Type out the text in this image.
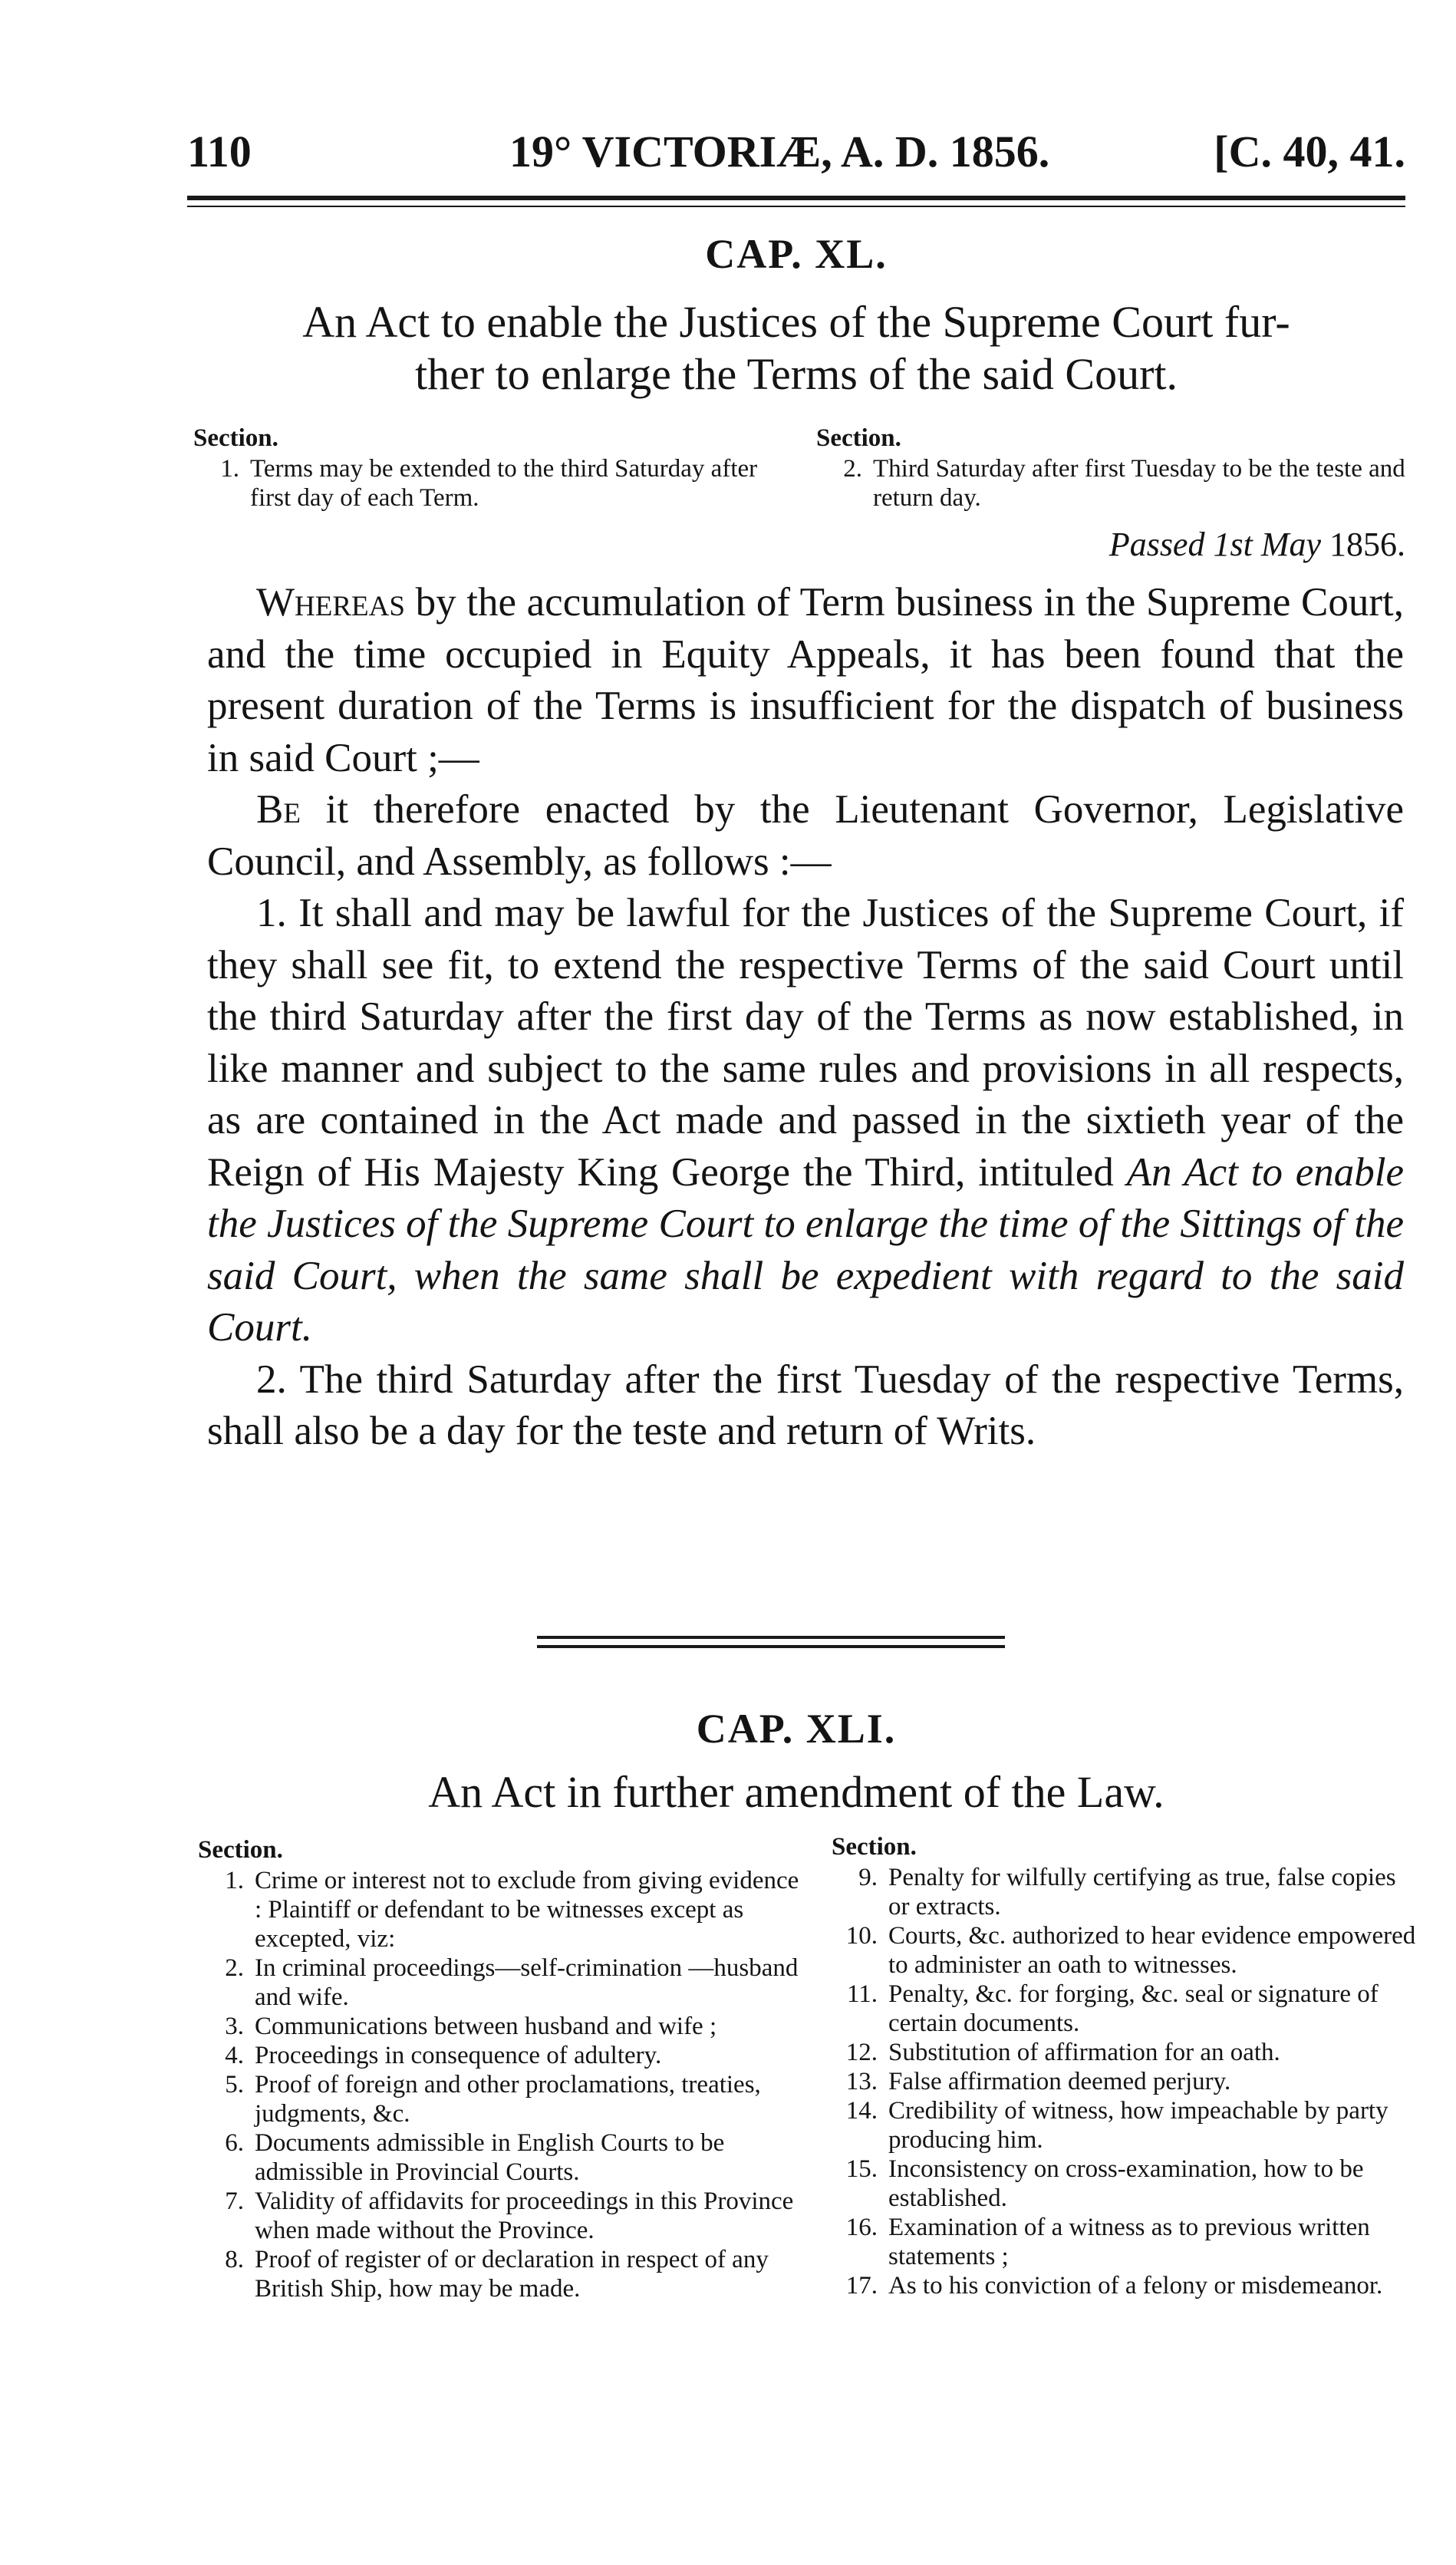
110	19° VICTORIÆ, A. D. 1856.	[C. 40, 41.
CAP. XL.
An Act to enable the Justices of the Supreme Court fur-
ther to enlarge the Terms of the said Court.
Section.
1. Terms may be extended to the third Saturday after first day of each Term.
Section.
2. Third Saturday after first Tuesday to be the teste and return day.
Passed 1st May 1856.

Whereas by the accumulation of Term business in the Supreme Court, and the time occupied in Equity Appeals, it has been found that the present duration of the Terms is insufficient for the dispatch of business in said Court ;—

Be it therefore enacted by the Lieutenant Governor, Legislative Council, and Assembly, as follows :—

1. It shall and may be lawful for the Justices of the Supreme Court, if they shall see fit, to extend the respective Terms of the said Court until the third Saturday after the first day of the Terms as now established, in like manner and subject to the same rules and provisions in all respects, as are contained in the Act made and passed in the sixtieth year of the Reign of His Majesty King George the Third, intituled An Act to enable the Justices of the Supreme Court to enlarge the time of the Sittings of the said Court, when the same shall be expedient with regard to the said Court.

2. The third Saturday after the first Tuesday of the respective Terms, shall also be a day for the teste and return of Writs.

CAP. XLI.
An Act in further amendment of the Law.
Section.
1. Crime or interest not to exclude from giving evidence : Plaintiff or defendant to be witnesses except as excepted, viz:
2. In criminal proceedings—self-crimination —husband and wife.
3. Communications between husband and wife ;
4. Proceedings in consequence of adultery.
5. Proof of foreign and other proclamations, treaties, judgments, &c.
6. Documents admissible in English Courts to be admissible in Provincial Courts.
7. Validity of affidavits for proceedings in this Province when made without the Province.
8. Proof of register of or declaration in respect of any British Ship, how may be made.
Section.
9. Penalty for wilfully certifying as true, false copies or extracts.
10. Courts, &c. authorized to hear evidence empowered to administer an oath to witnesses.
11. Penalty, &c. for forging, &c. seal or signature of certain documents.
12. Substitution of affirmation for an oath.
13. False affirmation deemed perjury.
14. Credibility of witness, how impeachable by party producing him.
15. Inconsistency on cross-examination, how to be established.
16. Examination of a witness as to previous written statements ;
17. As to his conviction of a felony or misdemeanor.
